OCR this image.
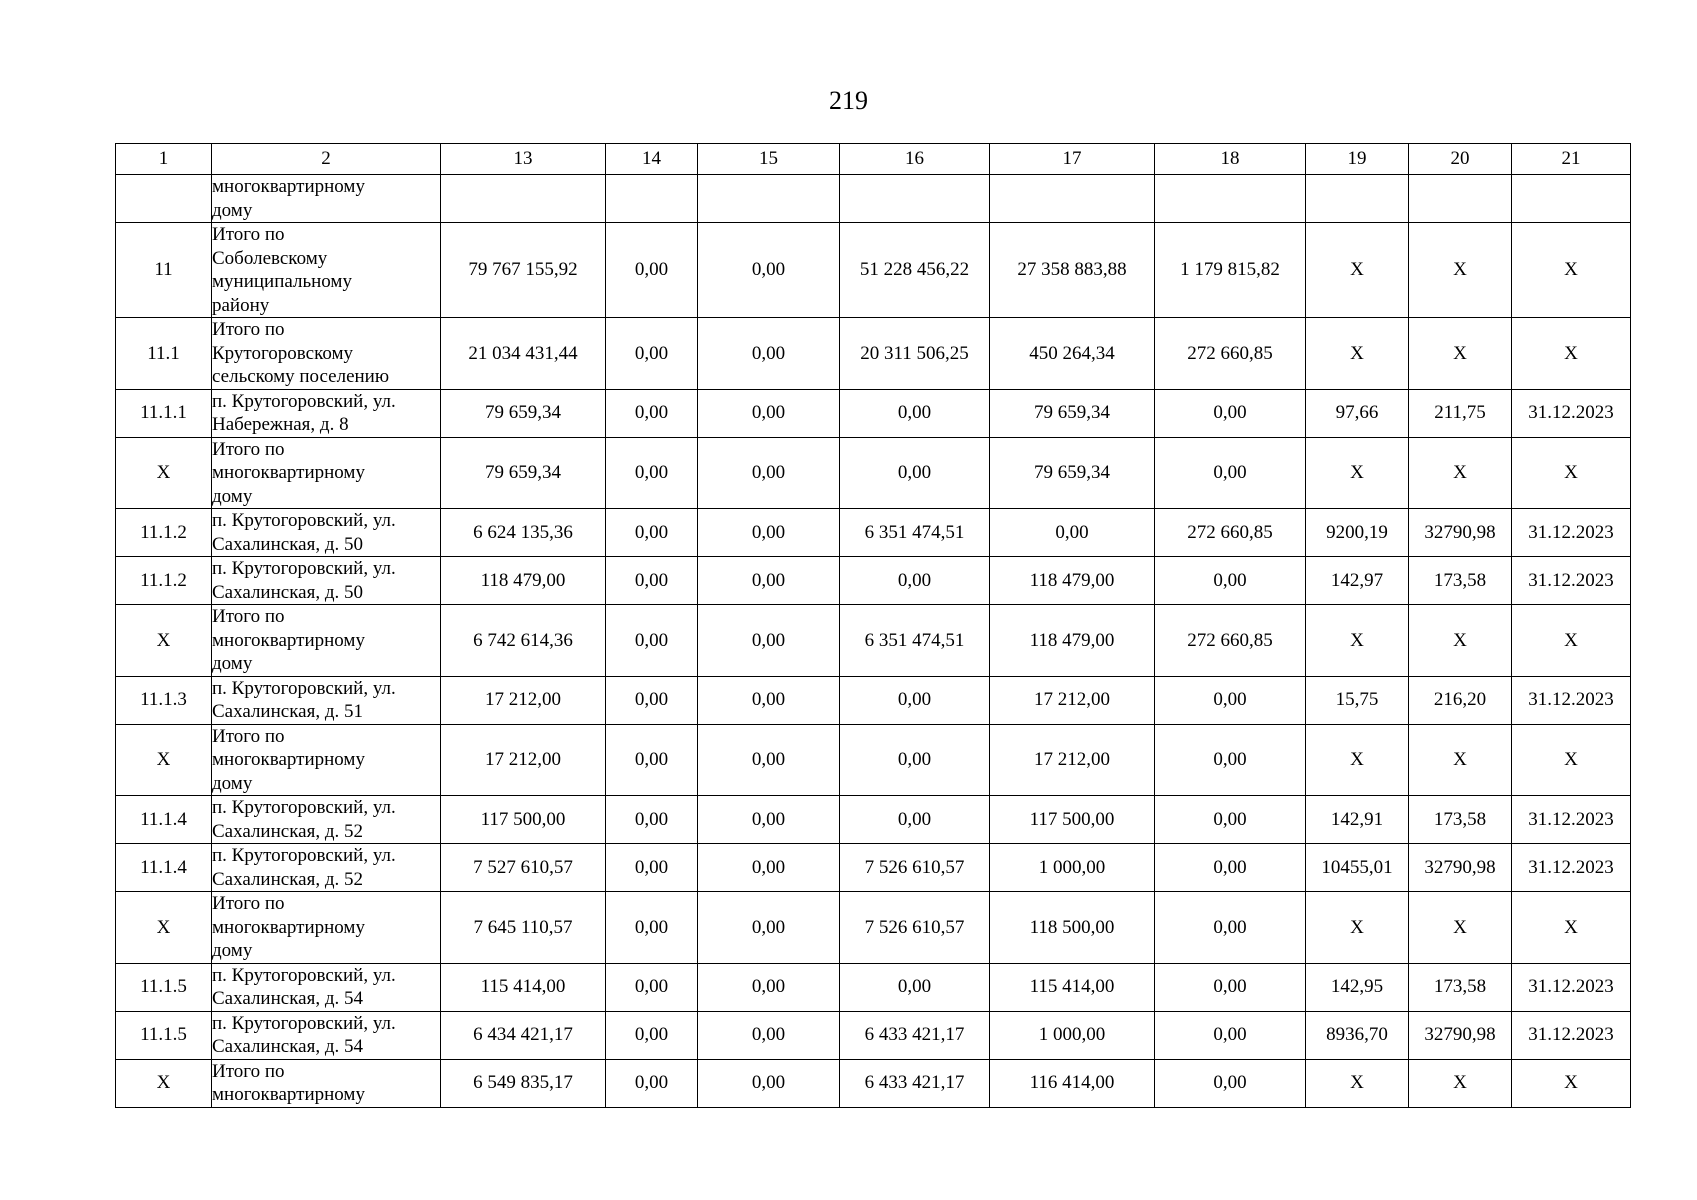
219
1	2	13	14	15	16	17	18	19	20	21
	многоквартирному
дому									
11	Итого по
Соболевскому
муниципальному
району	79 767 155,92	0,00	0,00	51 228 456,22	27 358 883,88	1 179 815,82	X	X	X
11.1	Итого по
Крутогоровскому
сельскому поселению	21 034 431,44	0,00	0,00	20 311 506,25	450 264,34	272 660,85	X	X	X
11.1.1	п. Крутогоровский, ул.
Набережная, д. 8	79 659,34	0,00	0,00	0,00	79 659,34	0,00	97,66	211,75	31.12.2023
X	Итого по
многоквартирному
дому	79 659,34	0,00	0,00	0,00	79 659,34	0,00	X	X	X
11.1.2	п. Крутогоровский, ул.
Сахалинская, д. 50	6 624 135,36	0,00	0,00	6 351 474,51	0,00	272 660,85	9200,19	32790,98	31.12.2023
11.1.2	п. Крутогоровский, ул.
Сахалинская, д. 50	118 479,00	0,00	0,00	0,00	118 479,00	0,00	142,97	173,58	31.12.2023
X	Итого по
многоквартирному
дому	6 742 614,36	0,00	0,00	6 351 474,51	118 479,00	272 660,85	X	X	X
11.1.3	п. Крутогоровский, ул.
Сахалинская, д. 51	17 212,00	0,00	0,00	0,00	17 212,00	0,00	15,75	216,20	31.12.2023
X	Итого по
многоквартирному
дому	17 212,00	0,00	0,00	0,00	17 212,00	0,00	X	X	X
11.1.4	п. Крутогоровский, ул.
Сахалинская, д. 52	117 500,00	0,00	0,00	0,00	117 500,00	0,00	142,91	173,58	31.12.2023
11.1.4	п. Крутогоровский, ул.
Сахалинская, д. 52	7 527 610,57	0,00	0,00	7 526 610,57	1 000,00	0,00	10455,01	32790,98	31.12.2023
X	Итого по
многоквартирному
дому	7 645 110,57	0,00	0,00	7 526 610,57	118 500,00	0,00	X	X	X
11.1.5	п. Крутогоровский, ул.
Сахалинская, д. 54	115 414,00	0,00	0,00	0,00	115 414,00	0,00	142,95	173,58	31.12.2023
11.1.5	п. Крутогоровский, ул.
Сахалинская, д. 54	6 434 421,17	0,00	0,00	6 433 421,17	1 000,00	0,00	8936,70	32790,98	31.12.2023
X	Итого по
многоквартирному	6 549 835,17	0,00	0,00	6 433 421,17	116 414,00	0,00	X	X	X
